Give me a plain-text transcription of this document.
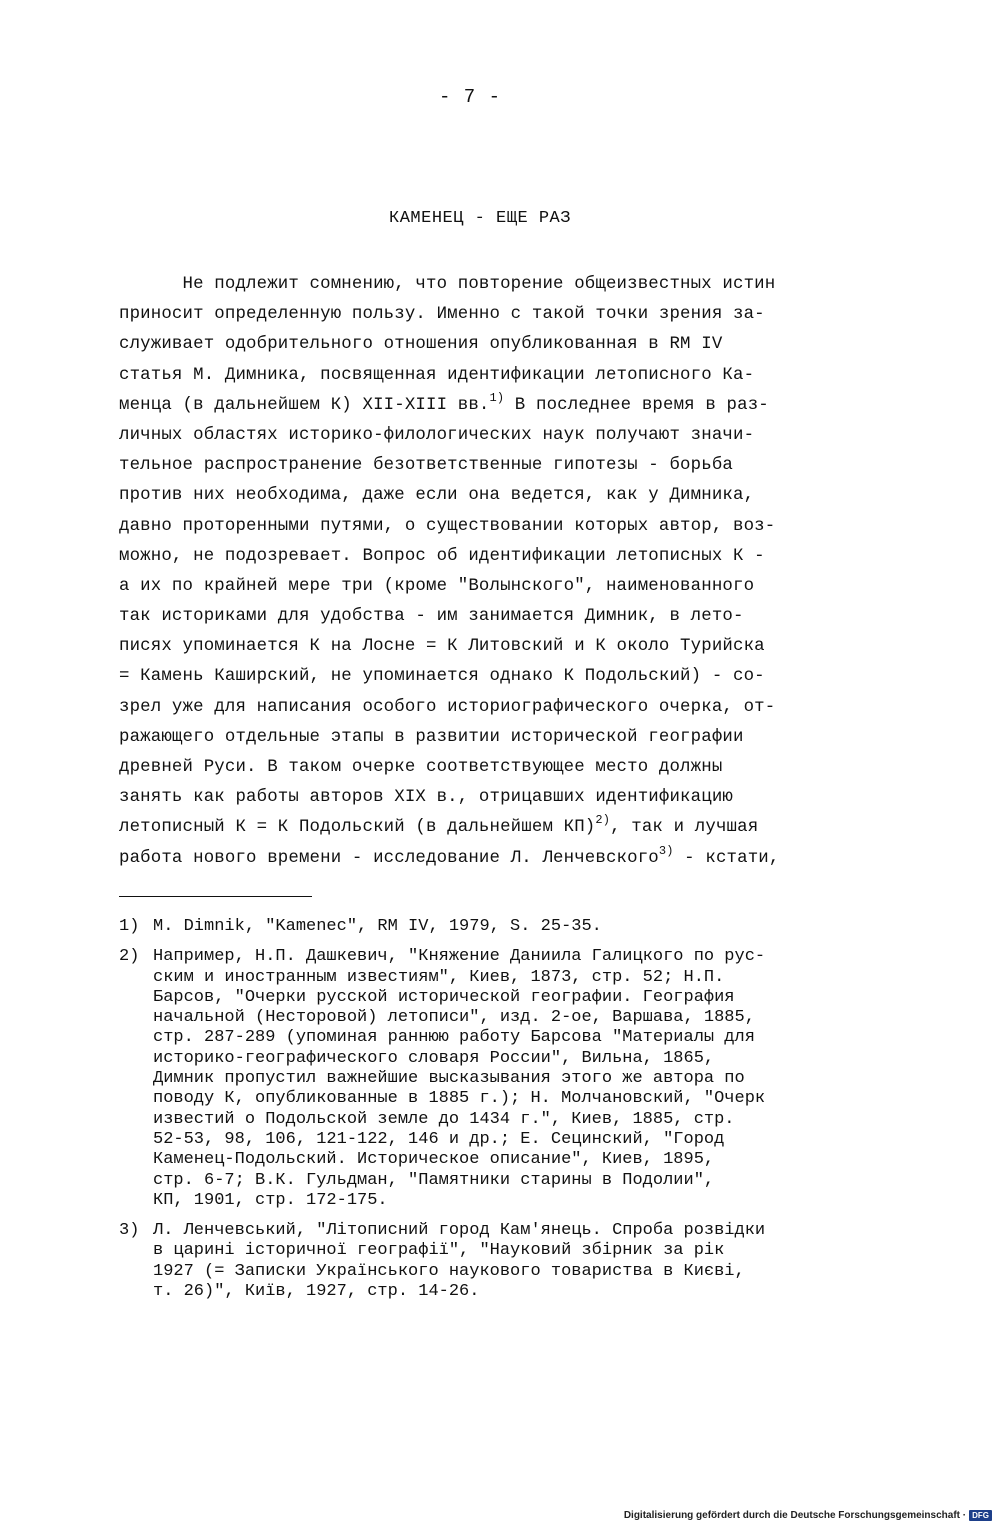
- 7 -
КАМЕНЕЦ - ЕЩЕ РАЗ
Не подлежит сомнению, что повторение общеизвестных истин
приносит определенную пользу. Именно с такой точки зрения за-
служивает одобрительного отношения опубликованная в RM IV
статья М. Димника, посвященная идентификации летописного Ка-
менца (в дальнейшем К) XII-XIII вв.$^{1)}$ В последнее время в раз-
личных областях историко-филологических наук получают значи-
тельное распространение безответственные гипотезы - борьба
против них необходима, даже если она ведется, как у Димника,
давно проторенными путями, о существовании которых автор, воз-
можно, не подозревает. Вопрос об идентификации летописных К -
а их по крайней мере три (кроме "Волынского", наименованного
так историками для удобства - им занимается Димник, в лето-
писях упоминается К на Лосне = К Литовский и К около Турийска
= Камень Каширский, не упоминается однако К Подольский) - со-
зрел уже для написания особого историографического очерка, от-
ражающего отдельные этапы в развитии исторической географии
древней Руси. В таком очерке соответствующее место должны
занять как работы авторов XIX в., отрицавших идентификацию
летописный К = К Подольский (в дальнейшем КП)$^{2)}$, так и лучшая
работа нового времени - исследование Л. Ленчевского$^{3)}$ - кстати,
1) M. Dimnik, "Kamenec", RM IV, 1979, S. 25-35.
2) Например, Н.П. Дашкевич, "Княжение Даниила Галицкого по рус-
ским и иностранным известиям", Киев, 1873, стр. 52; Н.П.
Барсов, "Очерки русской исторической географии. География
начальной (Несторовой) летописи", изд. 2-ое, Варшава, 1885,
стр. 287-289 (упоминая раннюю работу Барсова "Материалы для
историко-географического словаря России", Вильна, 1865,
Димник пропустил важнейшие высказывания этого же автора по
поводу К, опубликованные в 1885 г.); Н. Молчановский, "Очерк
известий о Подольской земле до 1434 г.", Киев, 1885, стр.
52-53, 98, 106, 121-122, 146 и др.; Е. Сецинский, "Город
Каменец-Подольский. Историческое описание", Киев, 1895,
стр. 6-7; В.К. Гульдман, "Памятники старины в Подолии",
КП, 1901, стр. 172-175.
3) Л. Ленчевський, "Літописний город Кам'янець. Спроба розвідки
в царині історичної географії", "Науковий збірник за рік
1927 (= Записки Українського наукового товариства в Києві,
т. 26)", Київ, 1927, стр. 14-26.
Digitalisierung gefördert durch die Deutsche Forschungsgemeinschaft · DFG
